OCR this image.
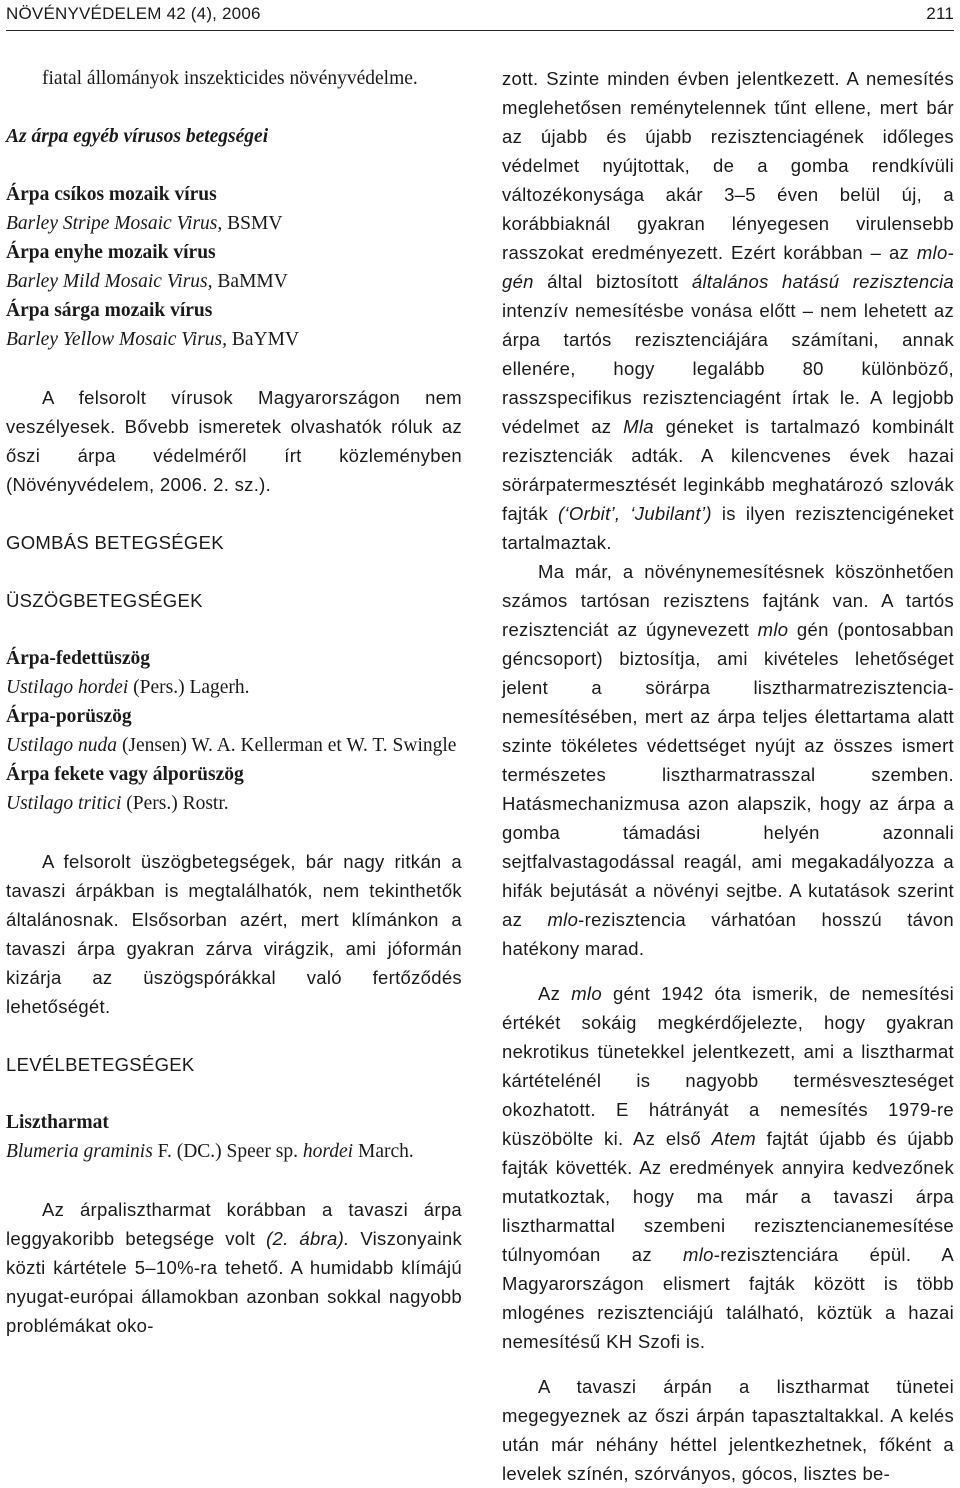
NÖVÉNYVÉDELEM 42 (4), 2006	211

fiatal állományok inszekticides növényvédelme.

Az árpa egyéb vírusos betegségei

Árpa csíkos mozaik vírus

Barley Stripe Mosaic Virus, BSMV

Árpa enyhe mozaik vírus

Barley Mild Mosaic Virus, BaMMV

Árpa sárga mozaik vírus

Barley Yellow Mosaic Virus, BaYMV

A felsorolt vírusok Magyarországon nem veszélyesek. Bővebb ismeretek olvashatók róluk az őszi árpa védelméről írt közleményben (Növényvédelem, 2006. 2. sz.).

GOMBÁS BETEGSÉGEK

ÜSZÖGBETEGSÉGEK

Árpa-fedettüszög

Ustilago hordei (Pers.) Lagerh.

Árpa-porüszög

Ustilago nuda (Jensen) W. A. Kellerman et W. T. Swingle

Árpa fekete vagy álporüszög

Ustilago tritici (Pers.) Rostr.

A felsorolt üszögbetegségek, bár nagy ritkán a tavaszi árpákban is megtalálhatók, nem tekinthetők általánosnak. Elsősorban azért, mert klímánkon a tavaszi árpa gyakran zárva virágzik, ami jóformán kizárja az üszögspórákkal való fertőződés lehetőségét.

LEVÉLBETEGSÉGEK

Lisztharmat

Blumeria graminis F. (DC.) Speer sp. hordei March.

Az árpalisztharmat korábban a tavaszi árpa leggyakoribb betegsége volt (2. ábra). Viszonyaink közti kártétele 5–10%-ra tehető. A humidabb klímájú nyugat-európai államokban azonban sokkal nagyobb problémákat oko-

zott. Szinte minden évben jelentkezett. A nemesítés meglehetősen reménytelennek tűnt ellene, mert bár az újabb és újabb rezisztenciagének időleges védelmet nyújtottak, de a gomba rendkívüli változékonysága akár 3–5 éven belül új, a korábbiaknál gyakran lényegesen virulensebb rasszokat eredményezett. Ezért korábban – az mlo-gén által biztosított általános hatású rezisztencia intenzív nemesítésbe vonása előtt – nem lehetett az árpa tartós rezisztenciájára számítani, annak ellenére, hogy legalább 80 különböző, rasszspecifikus rezisztenciagént írtak le. A legjobb védelmet az Mla géneket is tartalmazó kombinált rezisztenciák adták. A kilencvenes évek hazai sörárpatermesztését leginkább meghatározó szlovák fajták (‘Orbit’, ‘Jubilant’) is ilyen rezisztencigéneket tartalmaztak.

Ma már, a növénynemesítésnek köszönhetően számos tartósan rezisztens fajtánk van. A tartós rezisztenciát az úgynevezett mlo gén (pontosabban géncsoport) biztosítja, ami kivételes lehetőséget jelent a sörárpa lisztharmatrezisztencia-nemesítésében, mert az árpa teljes élettartama alatt szinte tökéletes védettséget nyújt az összes ismert természetes lisztharmatrasszal szemben. Hatásmechanizmusa azon alapszik, hogy az árpa a gomba támadási helyén azonnali sejtfalvastagodással reagál, ami megakadályozza a hifák bejutását a növényi sejtbe. A kutatások szerint az mlo-rezisztencia várhatóan hosszú távon hatékony marad.

Az mlo gént 1942 óta ismerik, de nemesítési értékét sokáig megkérdőjelezte, hogy gyakran nekrotikus tünetekkel jelentkezett, ami a lisztharmat kártételénél is nagyobb termésveszteséget okozhatott. E hátrányát a nemesítés 1979-re küszöbölte ki. Az első Atem fajtát újabb és újabb fajták követték. Az eredmények annyira kedvezőnek mutatkoztak, hogy ma már a tavaszi árpa lisztharmattal szembeni rezisztencianemesítése túlnyomóan az mlo-rezisztenciára épül. A Magyarországon elismert fajták között is több mlogénes rezisztenciájú található, köztük a hazai nemesítésű KH Szofi is.

A tavaszi árpán a lisztharmat tünetei megegyeznek az őszi árpán tapasztaltakkal. A kelés után már néhány héttel jelentkezhetnek, főként a levelek színén, szórványos, gócos, lisztes be-
